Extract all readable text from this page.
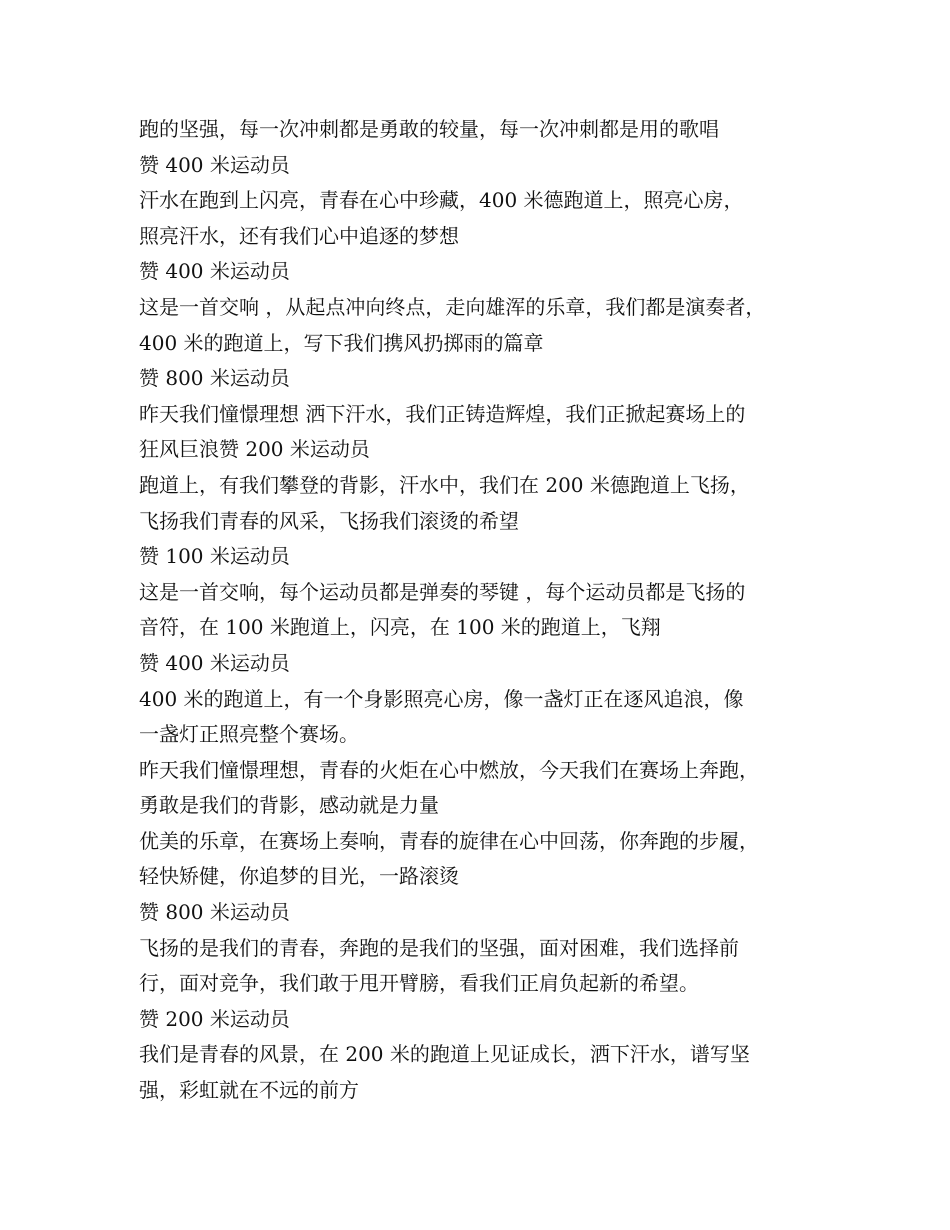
跑的坚强，每一次冲刺都是勇敢的较量，每一次冲刺都是用的歌唱
赞 400 米运动员
汗水在跑到上闪亮，青春在心中珍藏，400 米德跑道上，照亮心房，
照亮汗水，还有我们心中追逐的梦想
赞 400 米运动员
这是一首交响 ，从起点冲向终点，走向雄浑的乐章，我们都是演奏者，
400 米的跑道上，写下我们携风扔掷雨的篇章
赞 800 米运动员
昨天我们憧憬理想 洒下汗水，我们正铸造辉煌，我们正掀起赛场上的
狂风巨浪赞 200 米运动员
跑道上，有我们攀登的背影，汗水中，我们在 200 米德跑道上飞扬，
飞扬我们青春的风采，飞扬我们滚烫的希望
赞 100 米运动员
这是一首交响，每个运动员都是弹奏的琴键 ，每个运动员都是飞扬的
音符，在 100 米跑道上，闪亮，在 100 米的跑道上，飞翔
赞 400 米运动员
400 米的跑道上，有一个身影照亮心房，像一盏灯正在逐风追浪，像
一盏灯正照亮整个赛场。
昨天我们憧憬理想，青春的火炬在心中燃放，今天我们在赛场上奔跑，
勇敢是我们的背影，感动就是力量
优美的乐章，在赛场上奏响，青春的旋律在心中回荡，你奔跑的步履，
轻快矫健，你追梦的目光，一路滚烫
赞 800 米运动员
飞扬的是我们的青春，奔跑的是我们的坚强，面对困难，我们选择前
行，面对竞争，我们敢于甩开臂膀，看我们正肩负起新的希望。
赞 200 米运动员
我们是青春的风景，在 200 米的跑道上见证成长，洒下汗水，谱写坚
强，彩虹就在不远的前方
